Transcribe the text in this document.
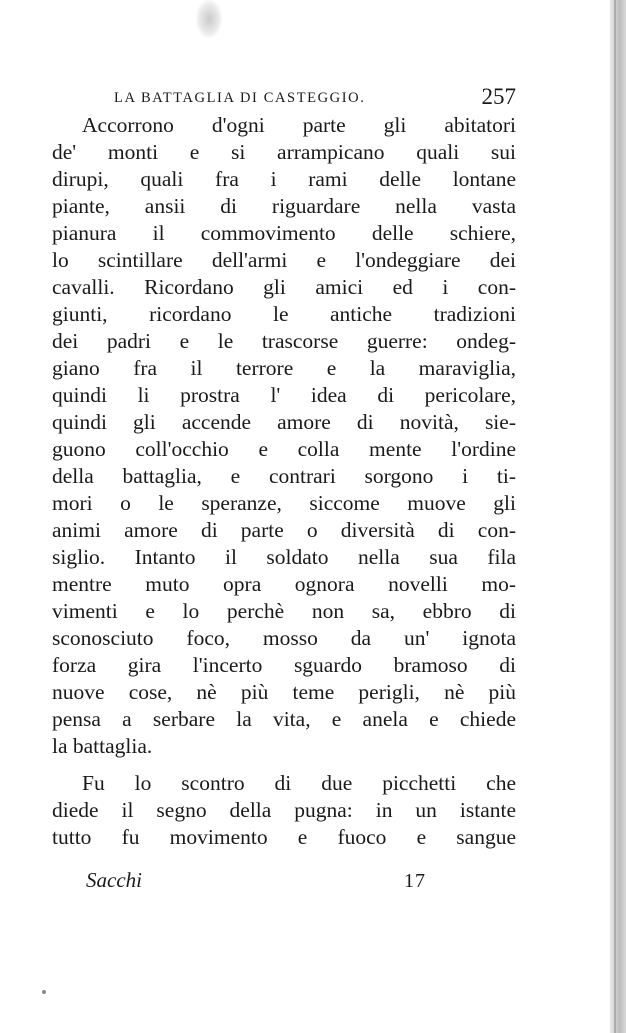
LA BATTAGLIA DI CASTEGGIO.	257
Accorrono d'ogni parte gli abitatori
de' monti e si arrampicano quali sui
dirupi, quali fra i rami delle lontane
piante, ansii di riguardare nella vasta
pianura il commovimento delle schiere,
lo scintillare dell'armi e l'ondeggiare dei
cavalli. Ricordano gli amici ed i con-
giunti, ricordano le antiche tradizioni
dei padri e le trascorse guerre: ondeg-
giano fra il terrore e la maraviglia,
quindi li prostra l' idea di pericolare,
quindi gli accende amore di novità, sie-
guono coll'occhio e colla mente l'ordine
della battaglia, e contrari sorgono i ti-
mori o le speranze, siccome muove gli
animi amore di parte o diversità di con-
siglio. Intanto il soldato nella sua fila
mentre muto opra ognora novelli mo-
vimenti e lo perchè non sa, ebbro di
sconosciuto foco, mosso da un' ignota
forza gira l'incerto sguardo bramoso di
nuove cose, nè più teme perigli, nè più
pensa a serbare la vita, e anela e chiede
la battaglia.
Fu lo scontro di due picchetti che
diede il segno della pugna: in un istante
tutto fu movimento e fuoco e sangue
Sacchi	17
